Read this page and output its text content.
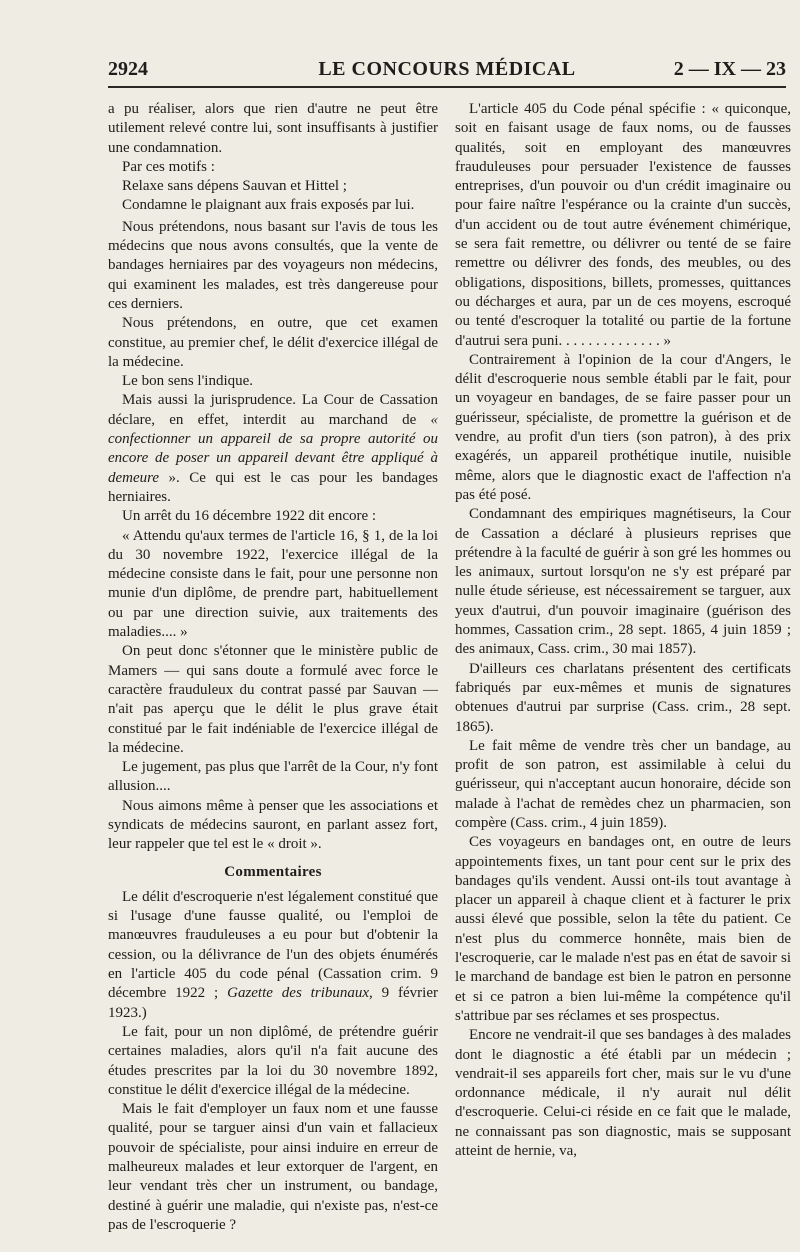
2924	LE CONCOURS MÉDICAL	2 — IX — 23

a pu réaliser, alors que rien d'autre ne peut être utilement relevé contre lui, sont insuffisants à justifier une condamnation.

Par ces motifs :

Relaxe sans dépens Sauvan et Hittel ;

Condamne le plaignant aux frais exposés par lui.

Nous prétendons, nous basant sur l'avis de tous les médecins que nous avons consultés, que la vente de bandages herniaires par des voyageurs non médecins, qui examinent les malades, est très dangereuse pour ces derniers.

Nous prétendons, en outre, que cet examen constitue, au premier chef, le délit d'exercice illégal de la médecine.

Le bon sens l'indique.

Mais aussi la jurisprudence. La Cour de Cassation déclare, en effet, interdit au marchand de « confectionner un appareil de sa propre autorité ou encore de poser un appareil devant être appliqué à demeure ». Ce qui est le cas pour les bandages herniaires.

Un arrêt du 16 décembre 1922 dit encore :

« Attendu qu'aux termes de l'article 16, § 1, de la loi du 30 novembre 1922, l'exercice illégal de la médecine consiste dans le fait, pour une personne non munie d'un diplôme, de prendre part, habituellement ou par une direction suivie, aux traitements des maladies.... »

On peut donc s'étonner que le ministère public de Mamers — qui sans doute a formulé avec force le caractère frauduleux du contrat passé par Sauvan — n'ait pas aperçu que le délit le plus grave était constitué par le fait indéniable de l'exercice illégal de la médecine.

Le jugement, pas plus que l'arrêt de la Cour, n'y font allusion....

Nous aimons même à penser que les associations et syndicats de médecins sauront, en parlant assez fort, leur rappeler que tel est le « droit ».

Commentaires

Le délit d'escroquerie n'est légalement constitué que si l'usage d'une fausse qualité, ou l'emploi de manœuvres frauduleuses a eu pour but d'obtenir la cession, ou la délivrance de l'un des objets énumérés en l'article 405 du code pénal (Cassation crim. 9 décembre 1922 ; Gazette des tribunaux, 9 février 1923.)

Le fait, pour un non diplômé, de prétendre guérir certaines maladies, alors qu'il n'a fait aucune des études prescrites par la loi du 30 novembre 1892, constitue le délit d'exercice illégal de la médecine.

Mais le fait d'employer un faux nom et une fausse qualité, pour se targuer ainsi d'un vain et fallacieux pouvoir de spécialiste, pour ainsi induire en erreur de malheureux malades et leur extorquer de l'argent, en leur vendant très cher un instrument, ou bandage, destiné à guérir une maladie, qui n'existe pas, n'est-ce pas de l'escroquerie ?

L'article 405 du Code pénal spécifie : « quiconque, soit en faisant usage de faux noms, ou de fausses qualités, soit en employant des manœuvres frauduleuses pour persuader l'existence de fausses entreprises, d'un pouvoir ou d'un crédit imaginaire ou pour faire naître l'espérance ou la crainte d'un succès, d'un accident ou de tout autre événement chimérique, se sera fait remettre, ou délivrer ou tenté de se faire remettre ou délivrer des fonds, des meubles, ou des obligations, dispositions, billets, promesses, quittances ou décharges et aura, par un de ces moyens, escroqué ou tenté d'escroquer la totalité ou partie de la fortune d'autrui sera puni. . . . . . . . . . . . . . »

Contrairement à l'opinion de la cour d'Angers, le délit d'escroquerie nous semble établi par le fait, pour un voyageur en bandages, de se faire passer pour un guérisseur, spécialiste, de promettre la guérison et de vendre, au profit d'un tiers (son patron), à des prix exagérés, un appareil prothétique inutile, nuisible même, alors que le diagnostic exact de l'affection n'a pas été posé.

Condamnant des empiriques magnétiseurs, la Cour de Cassation a déclaré à plusieurs reprises que prétendre à la faculté de guérir à son gré les hommes ou les animaux, surtout lorsqu'on ne s'y est préparé par nulle étude sérieuse, est nécessairement se targuer, aux yeux d'autrui, d'un pouvoir imaginaire (guérison des hommes, Cassation crim., 28 sept. 1865, 4 juin 1859 ; des animaux, Cass. crim., 30 mai 1857).

D'ailleurs ces charlatans présentent des certificats fabriqués par eux-mêmes et munis de signatures obtenues d'autrui par surprise (Cass. crim., 28 sept. 1865).

Le fait même de vendre très cher un bandage, au profit de son patron, est assimilable à celui du guérisseur, qui n'acceptant aucun honoraire, décide son malade à l'achat de remèdes chez un pharmacien, son compère (Cass. crim., 4 juin 1859).

Ces voyageurs en bandages ont, en outre de leurs appointements fixes, un tant pour cent sur le prix des bandages qu'ils vendent. Aussi ont-ils tout avantage à placer un appareil à chaque client et à facturer le prix aussi élevé que possible, selon la tête du patient. Ce n'est plus du commerce honnête, mais bien de l'escroquerie, car le malade n'est pas en état de savoir si le marchand de bandage est bien le patron en personne et si ce patron a bien lui-même la compétence qu'il s'attribue par ses réclames et ses prospectus.

Encore ne vendrait-il que ses bandages à des malades dont le diagnostic a été établi par un médecin ; vendrait-il ses appareils fort cher, mais sur le vu d'une ordonnance médicale, il n'y aurait nul délit d'escroquerie. Celui-ci réside en ce fait que le malade, ne connaissant pas son diagnostic, mais se supposant atteint de hernie, va,
